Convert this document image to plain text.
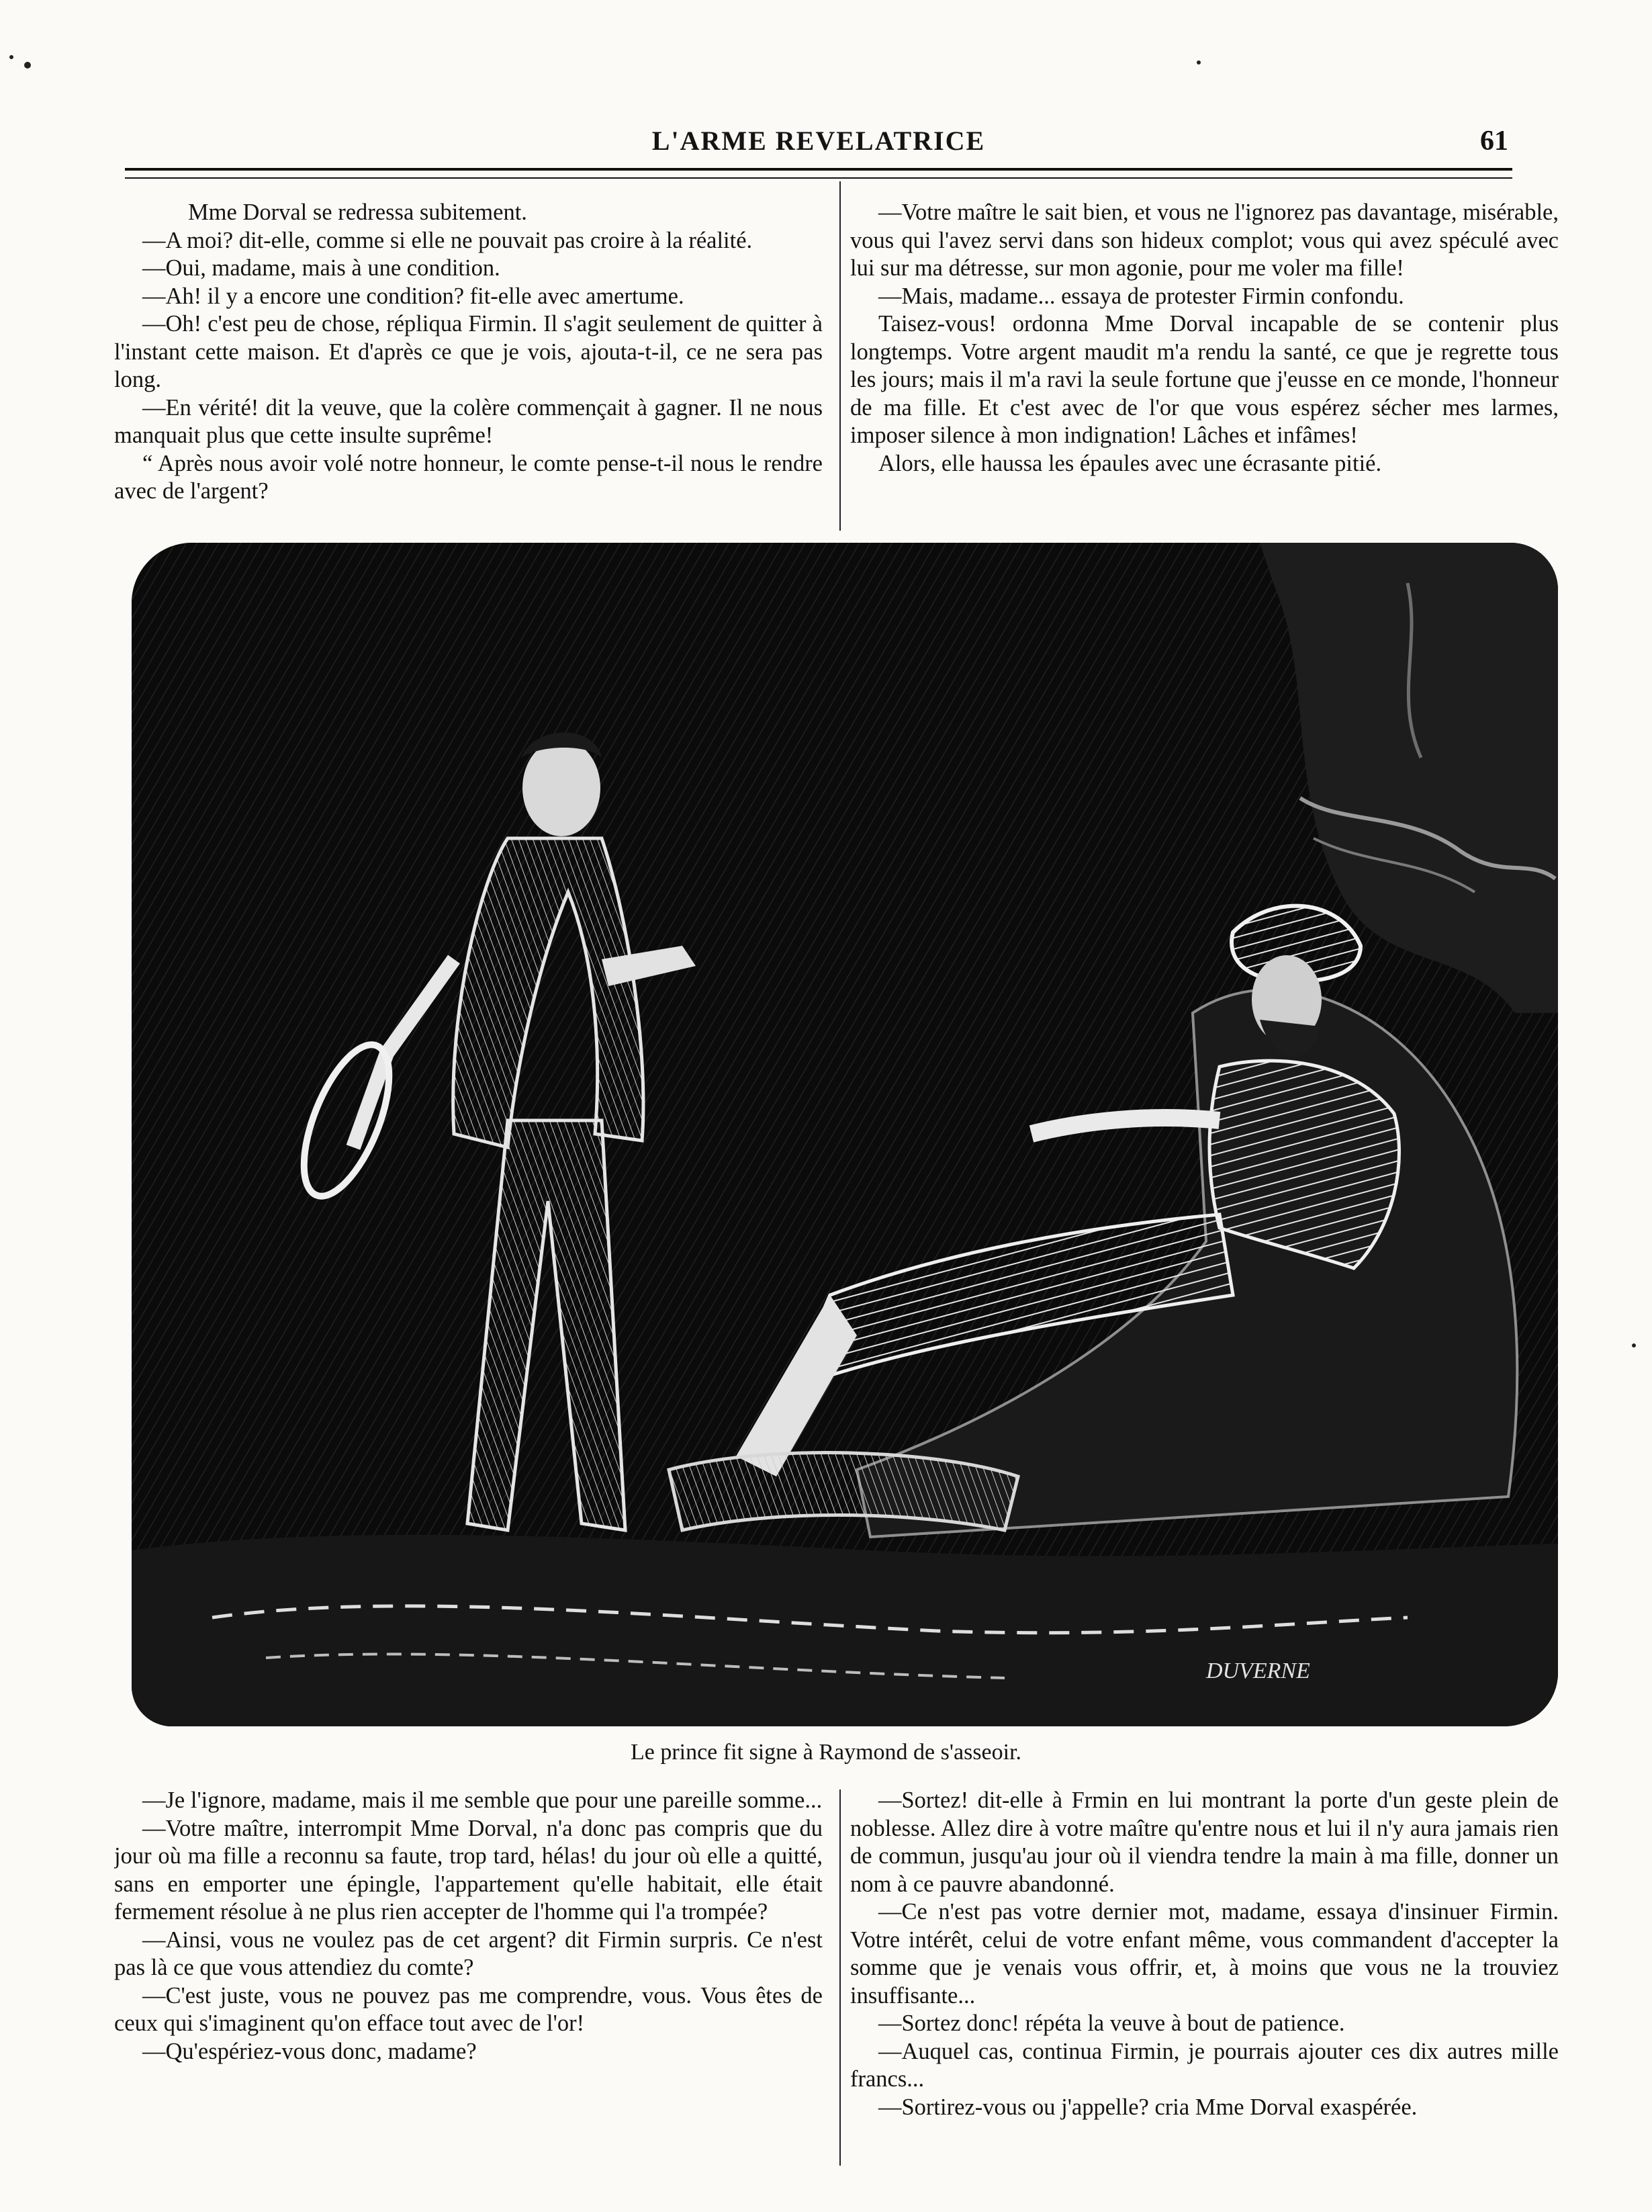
L'ARME REVELATRICE	61

Mme Dorval se redressa subitement.

—A moi? dit-elle, comme si elle ne pouvait pas croire à la réalité.

—Oui, madame, mais à une condition.

—Ah! il y a encore une condition? fit-elle avec amertume.

—Oh! c'est peu de chose, répliqua Firmin. Il s'agit seulement de quitter à l'instant cette maison. Et d'après ce que je vois, ajouta-t-il, ce ne sera pas long.

—En vérité! dit la veuve, que la colère commençait à gagner. Il ne nous manquait plus que cette insulte suprême!

“ Après nous avoir volé notre honneur, le comte pense-t-il nous le rendre avec de l'argent?

—Votre maître le sait bien, et vous ne l'ignorez pas davantage, misérable, vous qui l'avez servi dans son hideux complot; vous qui avez spéculé avec lui sur ma détresse, sur mon agonie, pour me voler ma fille!

—Mais, madame... essaya de protester Firmin confondu.

Taisez-vous! ordonna Mme Dorval incapable de se contenir plus longtemps. Votre argent maudit m'a rendu la santé, ce que je regrette tous les jours; mais il m'a ravi la seule fortune que j'eusse en ce monde, l'honneur de ma fille. Et c'est avec de l'or que vous espérez sécher mes larmes, imposer silence à mon indignation! Lâches et infâmes!

Alors, elle haussa les épaules avec une écrasante pitié.

DUVERNE
Le prince fit signe à Raymond de s'asseoir.

—Je l'ignore, madame, mais il me semble que pour une pareille somme...

—Votre maître, interrompit Mme Dorval, n'a donc pas compris que du jour où ma fille a reconnu sa faute, trop tard, hélas! du jour où elle a quitté, sans en emporter une épingle, l'appartement qu'elle habitait, elle était fermement résolue à ne plus rien accepter de l'homme qui l'a trompée?

—Ainsi, vous ne voulez pas de cet argent? dit Firmin surpris. Ce n'est pas là ce que vous attendiez du comte?

—C'est juste, vous ne pouvez pas me comprendre, vous. Vous êtes de ceux qui s'imaginent qu'on efface tout avec de l'or!

—Qu'espériez-vous donc, madame?

—Sortez! dit-elle à Frmin en lui montrant la porte d'un geste plein de noblesse. Allez dire à votre maître qu'entre nous et lui il n'y aura jamais rien de commun, jusqu'au jour où il viendra tendre la main à ma fille, donner un nom à ce pauvre abandonné.

—Ce n'est pas votre dernier mot, madame, essaya d'insinuer Firmin. Votre intérêt, celui de votre enfant même, vous commandent d'accepter la somme que je venais vous offrir, et, à moins que vous ne la trouviez insuffisante...

—Sortez donc! répéta la veuve à bout de patience.

—Auquel cas, continua Firmin, je pourrais ajouter ces dix autres mille francs...

—Sortirez-vous ou j'appelle? cria Mme Dorval exaspérée.
